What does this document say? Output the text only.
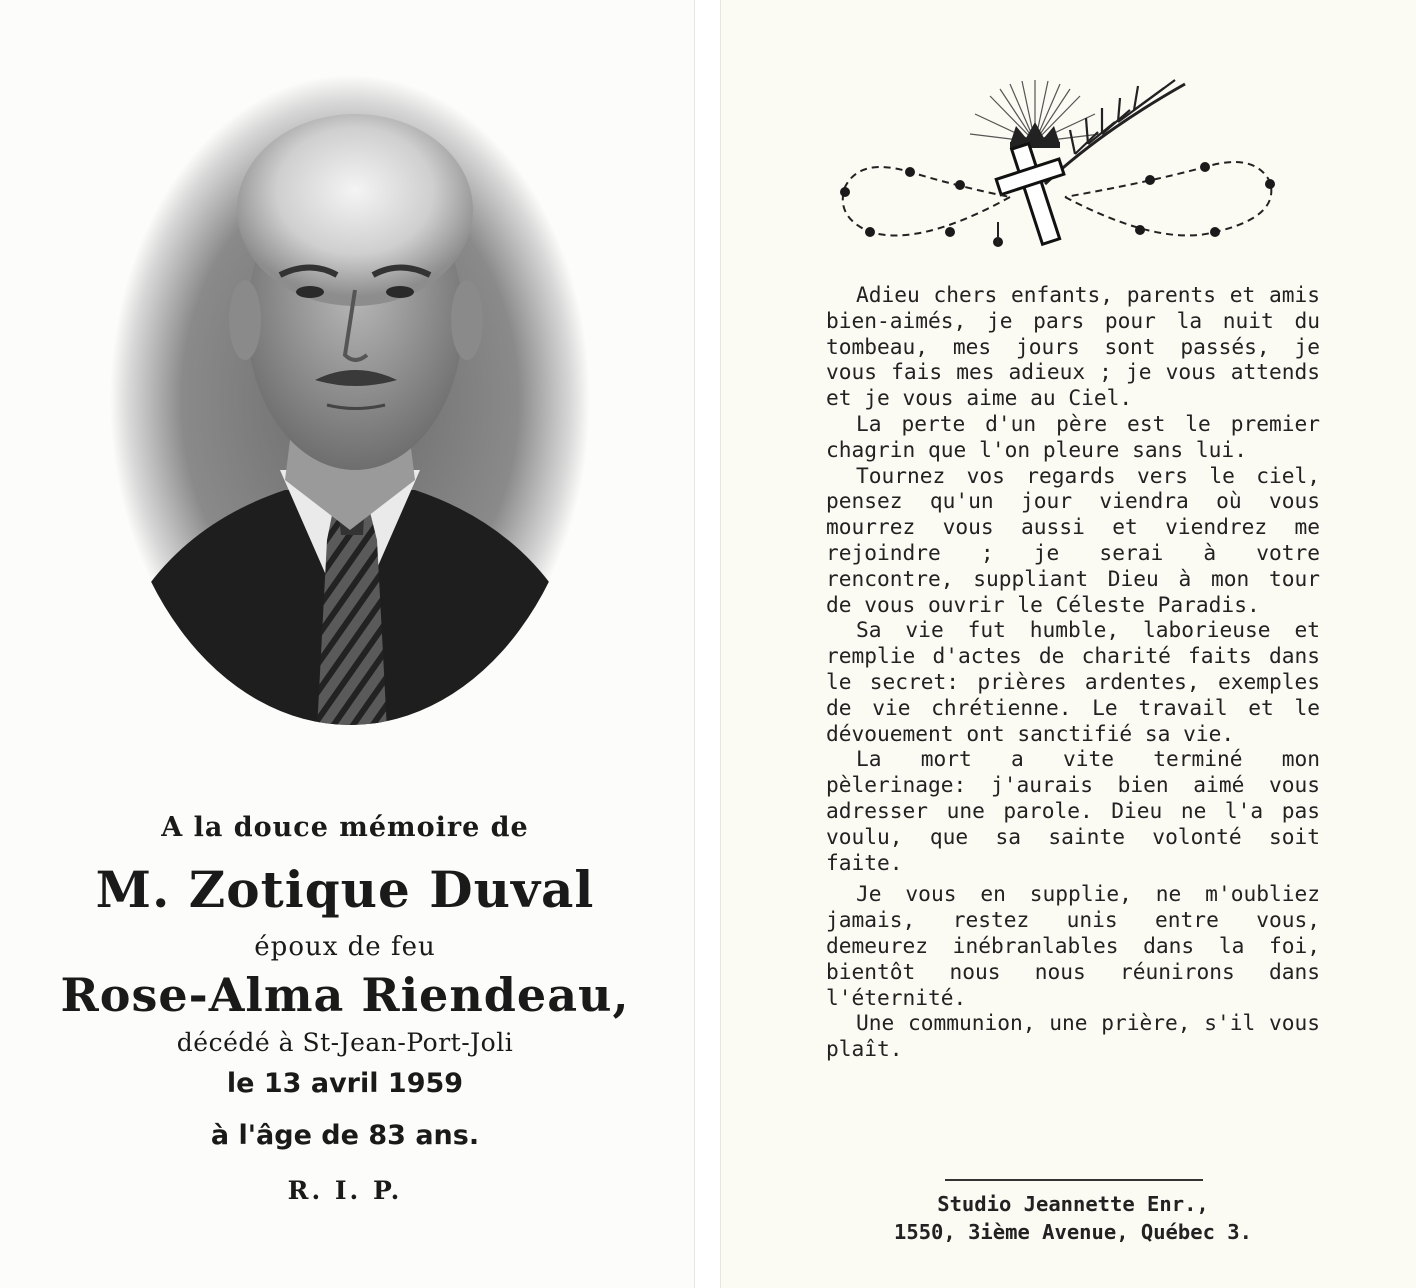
A la douce mémoire de
M. Zotique Duval
époux de feu
Rose-Alma Riendeau,
décédé à St-Jean-Port-Joli
le 13 avril 1959
à l'âge de 83 ans.
R. I. P.

Adieu chers enfants, parents et amis bien-aimés, je pars pour la nuit du tombeau, mes jours sont passés, je vous fais mes adieux ; je vous attends et je vous aime au Ciel.

La perte d'un père est le premier chagrin que l'on pleure sans lui.

Tournez vos regards vers le ciel, pensez qu'un jour viendra où vous mourrez vous aussi et viendrez me rejoindre ; je serai à votre rencontre, suppliant Dieu à mon tour de vous ouvrir le Céleste Paradis.

Sa vie fut humble, laborieuse et remplie d'actes de charité faits dans le secret: prières ardentes, exemples de vie chrétienne. Le travail et le dévouement ont sanctifié sa vie.

La mort a vite terminé mon pèlerinage: j'aurais bien aimé vous adresser une parole. Dieu ne l'a pas voulu, que sa sainte volonté soit faite.

Je vous en supplie, ne m'oubliez jamais, restez unis entre vous, demeurez inébranlables dans la foi, bientôt nous nous réunirons dans l'éternité.

Une communion, une prière, s'il vous plaît.

Studio Jeannette Enr.,
1550, 3ième Avenue, Québec 3.
